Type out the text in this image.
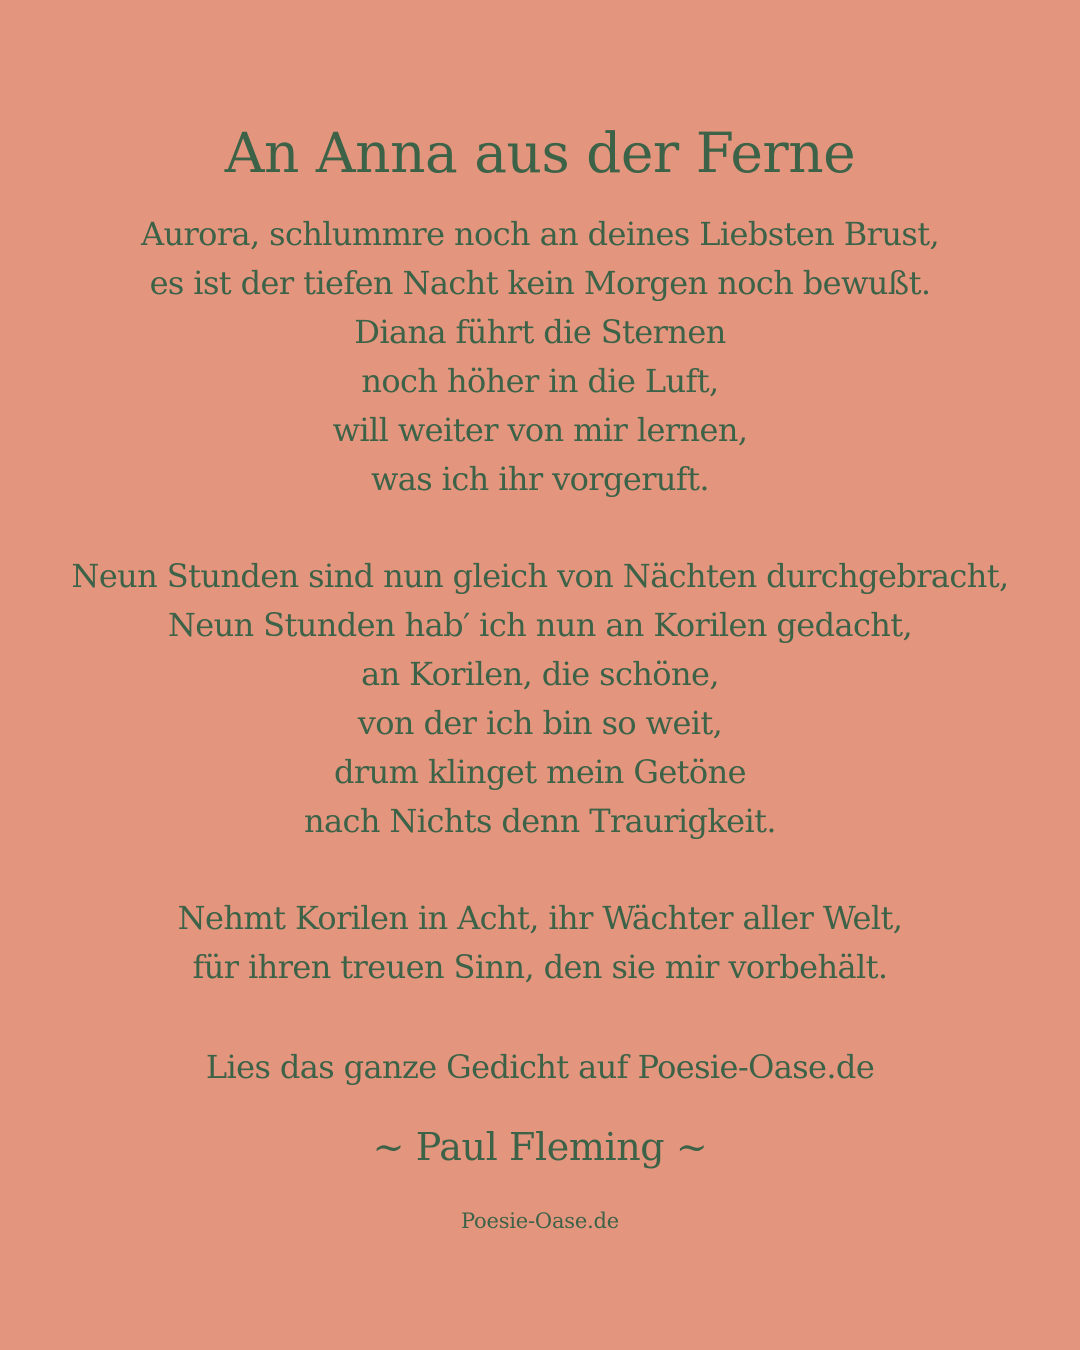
An Anna aus der Ferne
Aurora, schlummre noch an deines Liebsten Brust,
es ist der tiefen Nacht kein Morgen noch bewußt.
Diana führt die Sternen
noch höher in die Luft,
will weiter von mir lernen,
was ich ihr vorgeruft.
Neun Stunden sind nun gleich von Nächten durchgebracht,
Neun Stunden hab′ ich nun an Korilen gedacht,
an Korilen, die schöne,
von der ich bin so weit,
drum klinget mein Getöne
nach Nichts denn Traurigkeit.
Nehmt Korilen in Acht, ihr Wächter aller Welt,
für ihren treuen Sinn, den sie mir vorbehält.
Lies das ganze Gedicht auf Poesie-Oase.de
~ Paul Fleming ~
Poesie-Oase.de
